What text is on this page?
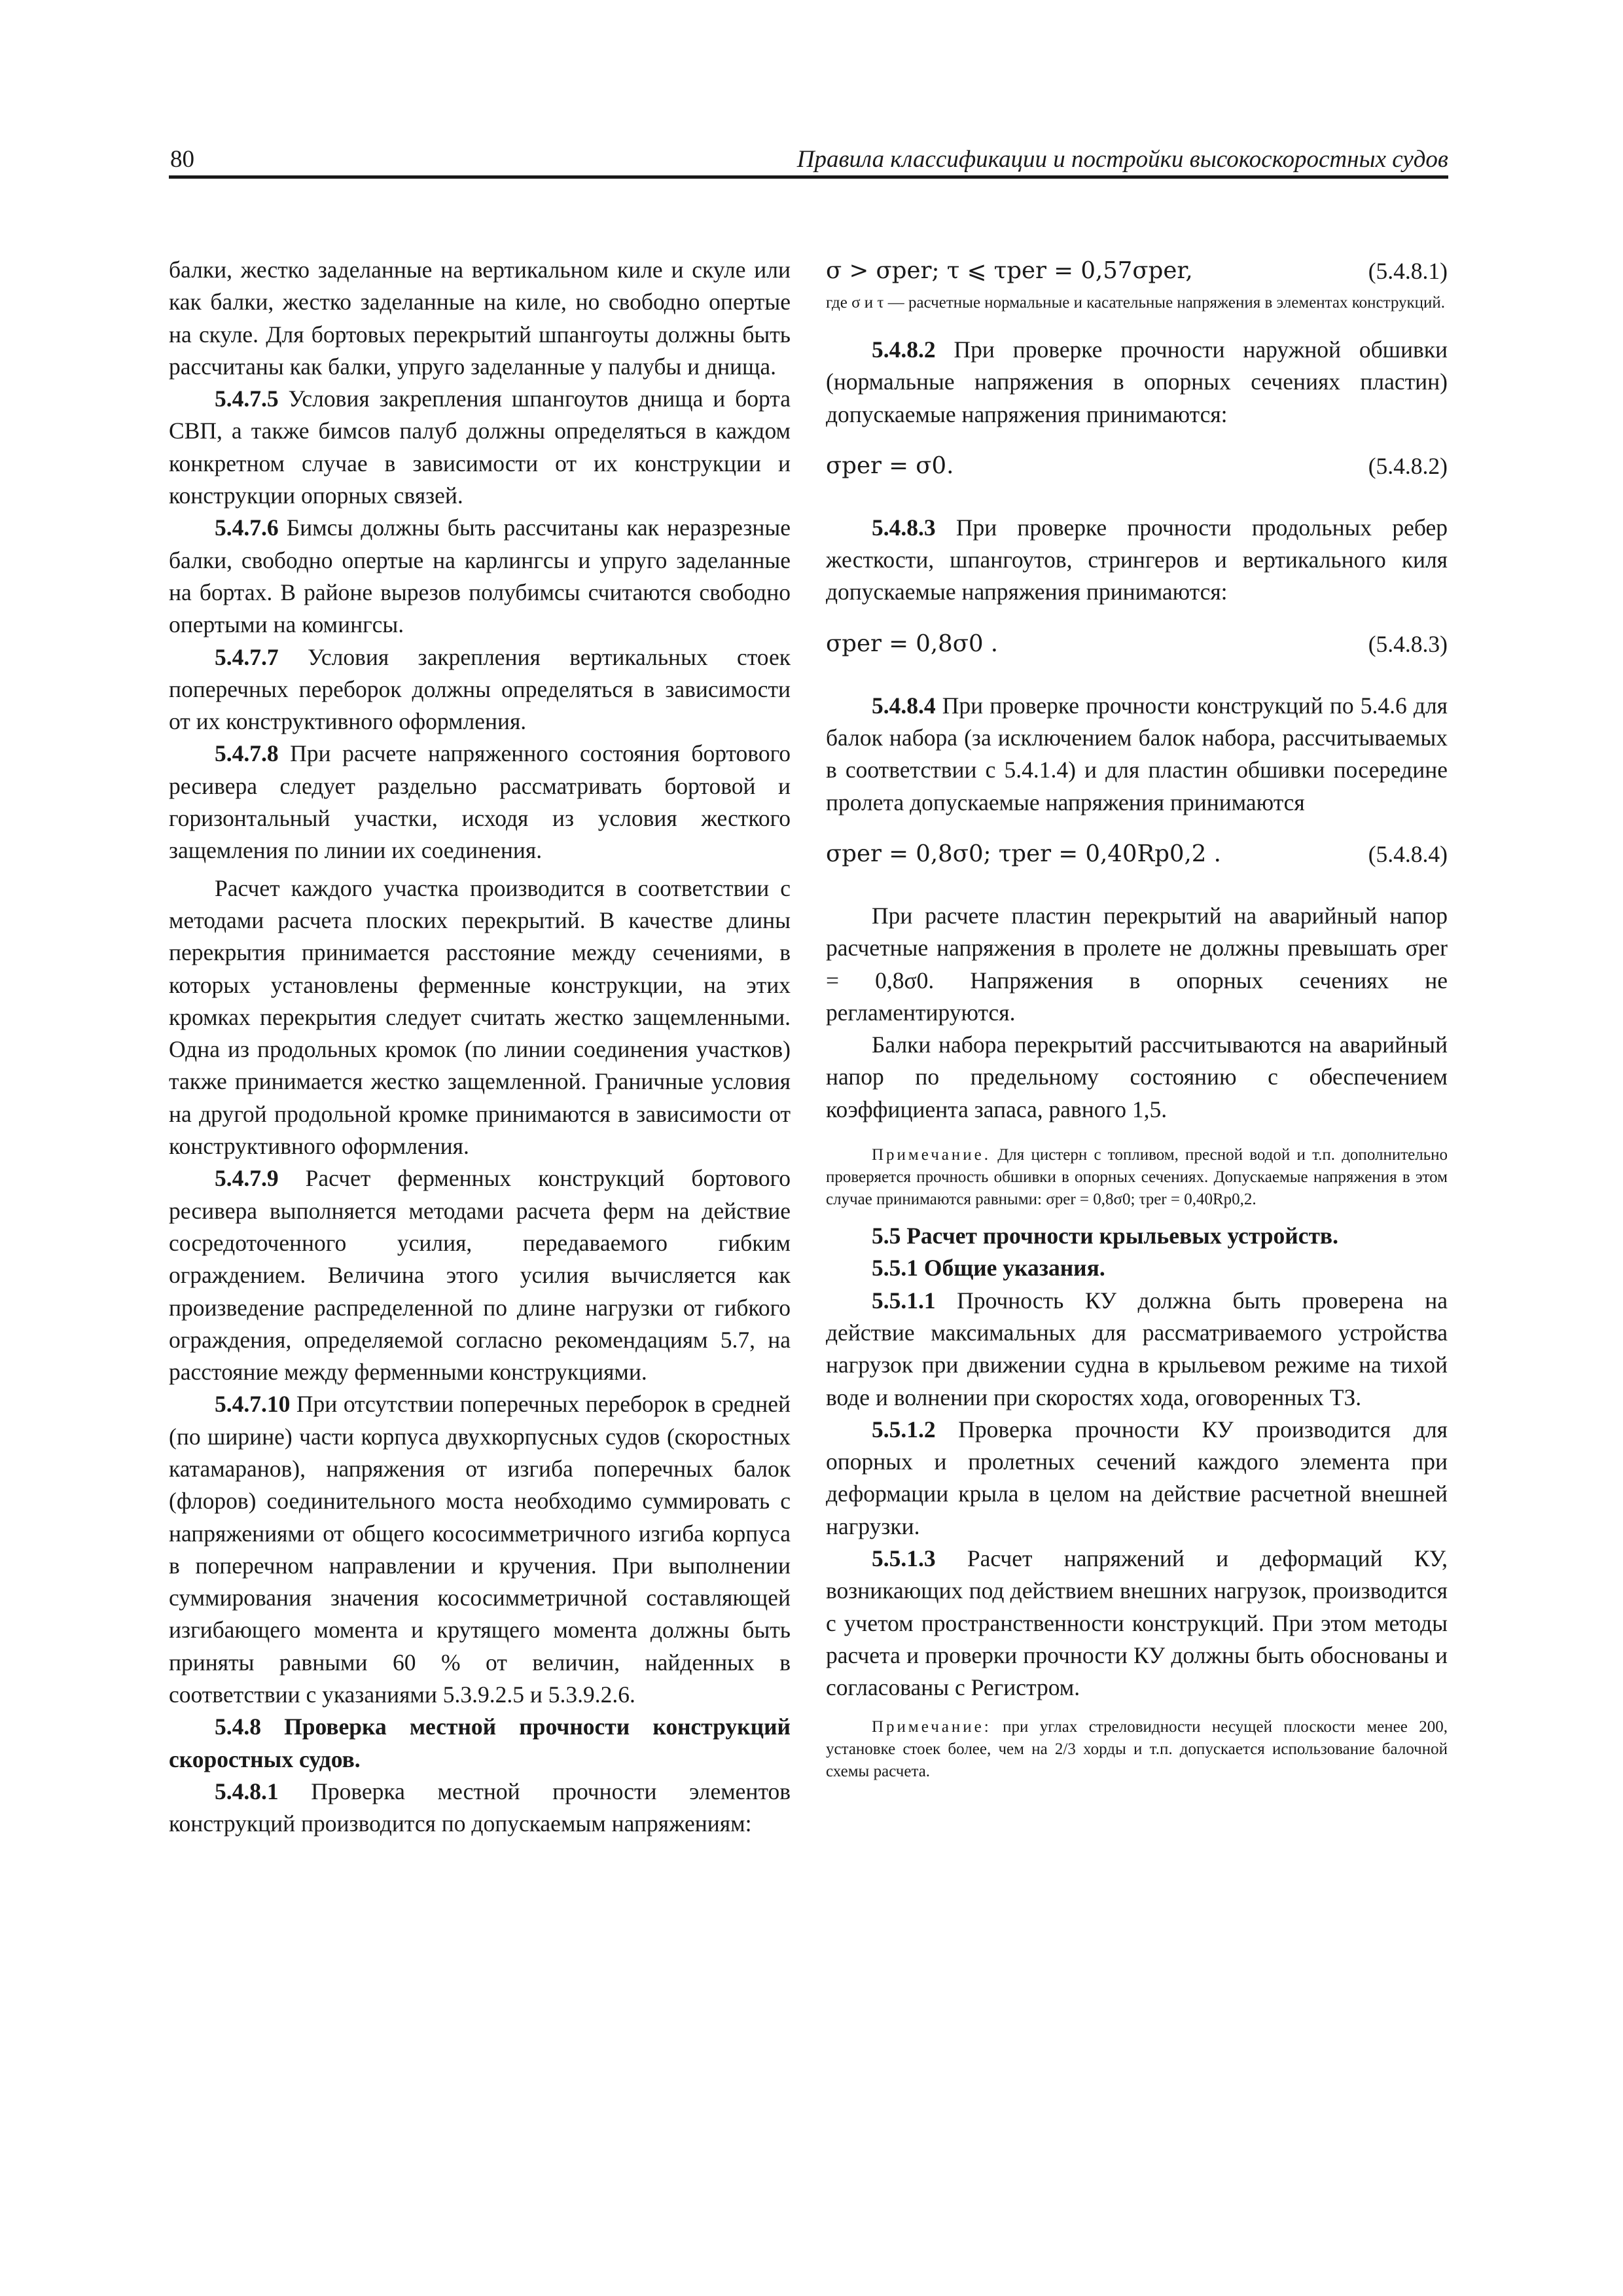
80	Правила классификации и постройки высокоскоростных судов

балки, жестко заделанные на вертикальном киле и скуле или как балки, жестко заделанные на киле, но свободно опертые на скуле. Для бортовых перекрытий шпангоуты должны быть рассчитаны как балки, упруго заделанные у палубы и днища.

5.4.7.5 Условия закрепления шпангоутов днища и борта СВП, а также бимсов палуб должны определяться в каждом конкретном случае в зависимости от их конструкции и конструкции опорных связей.

5.4.7.6 Бимсы должны быть рассчитаны как неразрезные балки, свободно опертые на карлингсы и упруго заделанные на бортах. В районе вырезов полубимсы считаются свободно опертыми на комингсы.

5.4.7.7 Условия закрепления вертикальных стоек поперечных переборок должны определяться в зависимости от их конструктивного оформления.

5.4.7.8 При расчете напряженного состояния бортового ресивера следует раздельно рассматривать бортовой и горизонтальный участки, исходя из условия жесткого защемления по линии их соединения.

Расчет каждого участка производится в соответствии с методами расчета плоских перекрытий. В качестве длины перекрытия принимается расстояние между сечениями, в которых установлены ферменные конструкции, на этих кромках перекрытия следует считать жестко защемленными. Одна из продольных кромок (по линии соединения участков) также принимается жестко защемленной. Граничные условия на другой продольной кромке принимаются в зависимости от конструктивного оформления.

5.4.7.9 Расчет ферменных конструкций бортового ресивера выполняется методами расчета ферм на действие сосредоточенного усилия, передаваемого гибким ограждением. Величина этого усилия вычисляется как произведение распределенной по длине нагрузки от гибкого ограждения, определяемой согласно рекомендациям 5.7, на расстояние между ферменными конструкциями.

5.4.7.10 При отсутствии поперечных переборок в средней (по ширине) части корпуса двухкорпусных судов (скоростных катамаранов), напряжения от изгиба поперечных балок (флоров) соединительного моста необходимо суммировать с напряжениями от общего кососимметричного изгиба корпуса в поперечном направлении и кручения. При выполнении суммирования значения кососимметричной составляющей изгибающего момента и крутящего момента должны быть приняты равными 60 % от величин, найденных в соответствии с указаниями 5.3.9.2.5 и 5.3.9.2.6.

5.4.8 Проверка местной прочности конструкций скоростных судов.

5.4.8.1 Проверка местной прочности элементов конструкций производится по допускаемым напряжениям:

σ > σper; τ ⩽ τper = 0,57σper,	(5.4.8.1)
где σ и τ — расчетные нормальные и касательные напряжения в элементах конструкций.

5.4.8.2 При проверке прочности наружной обшивки (нормальные напряжения в опорных сечениях пластин) допускаемые напряжения принимаются:

σper = σ0.	(5.4.8.2)

5.4.8.3 При проверке прочности продольных ребер жесткости, шпангоутов, стрингеров и вертикального киля допускаемые напряжения принимаются:

σper = 0,8σ0 .	(5.4.8.3)

5.4.8.4 При проверке прочности конструкций по 5.4.6 для балок набора (за исключением балок набора, рассчитываемых в соответствии с 5.4.1.4) и для пластин обшивки посередине пролета допускаемые напряжения принимаются

σper = 0,8σ0; τper = 0,40Rp0,2 .	(5.4.8.4)

При расчете пластин перекрытий на аварийный напор расчетные напряжения в пролете не должны превышать σper = 0,8σ0. Напряжения в опорных сечениях не регламентируются.

Балки набора перекрытий рассчитываются на аварийный напор по предельному состоянию с обеспечением коэффициента запаса, равного 1,5.

Примечание. Для цистерн с топливом, пресной водой и т.п. дополнительно проверяется прочность обшивки в опорных сечениях. Допускаемые напряжения в этом случае принимаются равными: σper = 0,8σ0; τper = 0,40Rp0,2.
5.5 Расчет прочности крыльевых устройств.
5.5.1 Общие указания.

5.5.1.1 Прочность КУ должна быть проверена на действие максимальных для рассматриваемого устройства нагрузок при движении судна в крыльевом режиме на тихой воде и волнении при скоростях хода, оговоренных ТЗ.

5.5.1.2 Проверка прочности КУ производится для опорных и пролетных сечений каждого элемента при деформации крыла в целом на действие расчетной внешней нагрузки.

5.5.1.3 Расчет напряжений и деформаций КУ, возникающих под действием внешних нагрузок, производится с учетом пространственности конструкций. При этом методы расчета и проверки прочности КУ должны быть обоснованы и согласованы с Регистром.

Примечание: при углах стреловидности несущей плоскости менее 200, установке стоек более, чем на 2/3 хорды и т.п. допускается использование балочной схемы расчета.
